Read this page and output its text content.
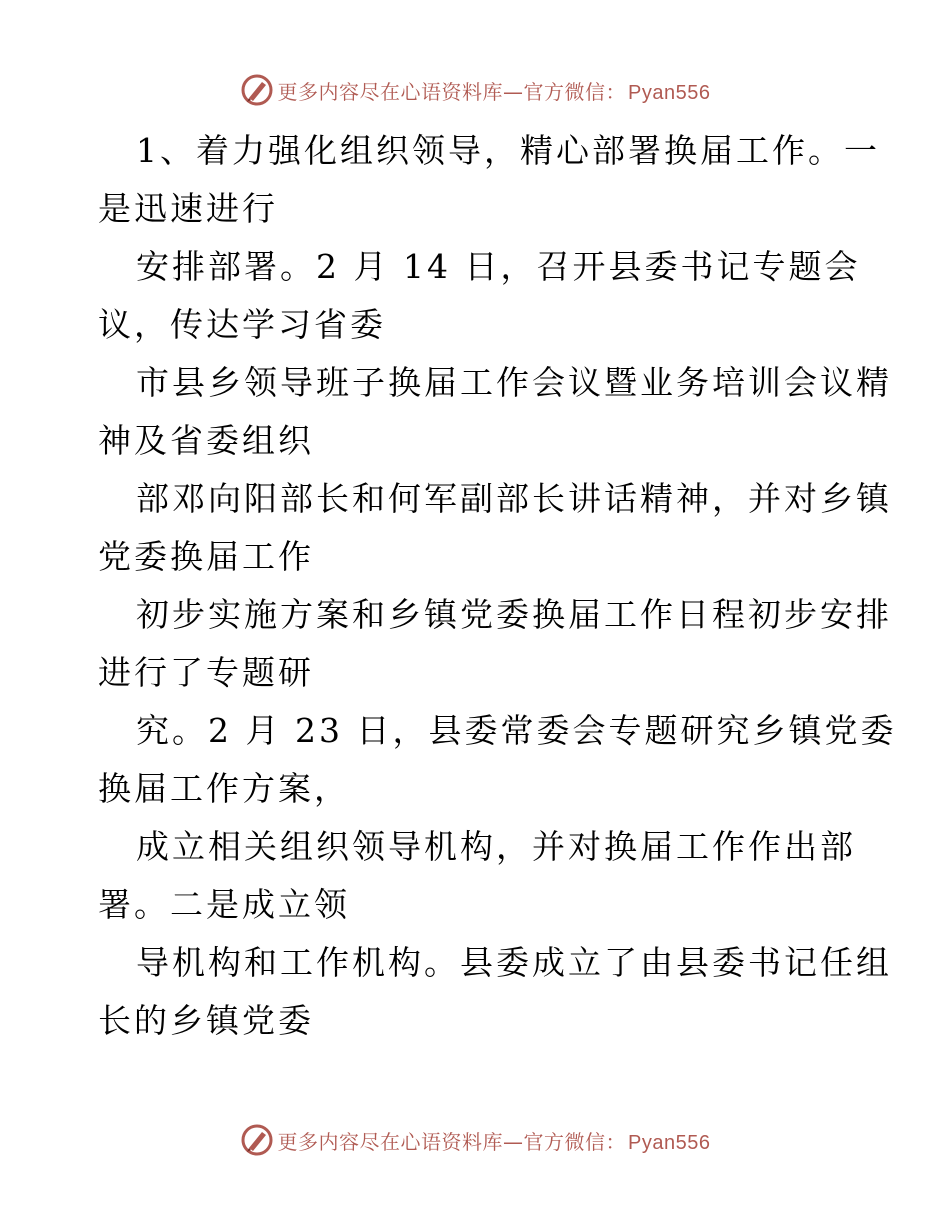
更多内容尽在心语资料库—官方微信： Pyan556
1、着力强化组织领导，精心部署换届工作。一
是迅速进行
安排部署。2 月 14 日，召开县委书记专题会
议，传达学习省委
市县乡领导班子换届工作会议暨业务培训会议精
神及省委组织
部邓向阳部长和何军副部长讲话精神，并对乡镇
党委换届工作
初步实施方案和乡镇党委换届工作日程初步安排
进行了专题研
究。2 月 23 日，县委常委会专题研究乡镇党委
换届工作方案，
成立相关组织领导机构，并对换届工作作出部
署。二是成立领
导机构和工作机构。县委成立了由县委书记任组
长的乡镇党委
更多内容尽在心语资料库—官方微信： Pyan556
